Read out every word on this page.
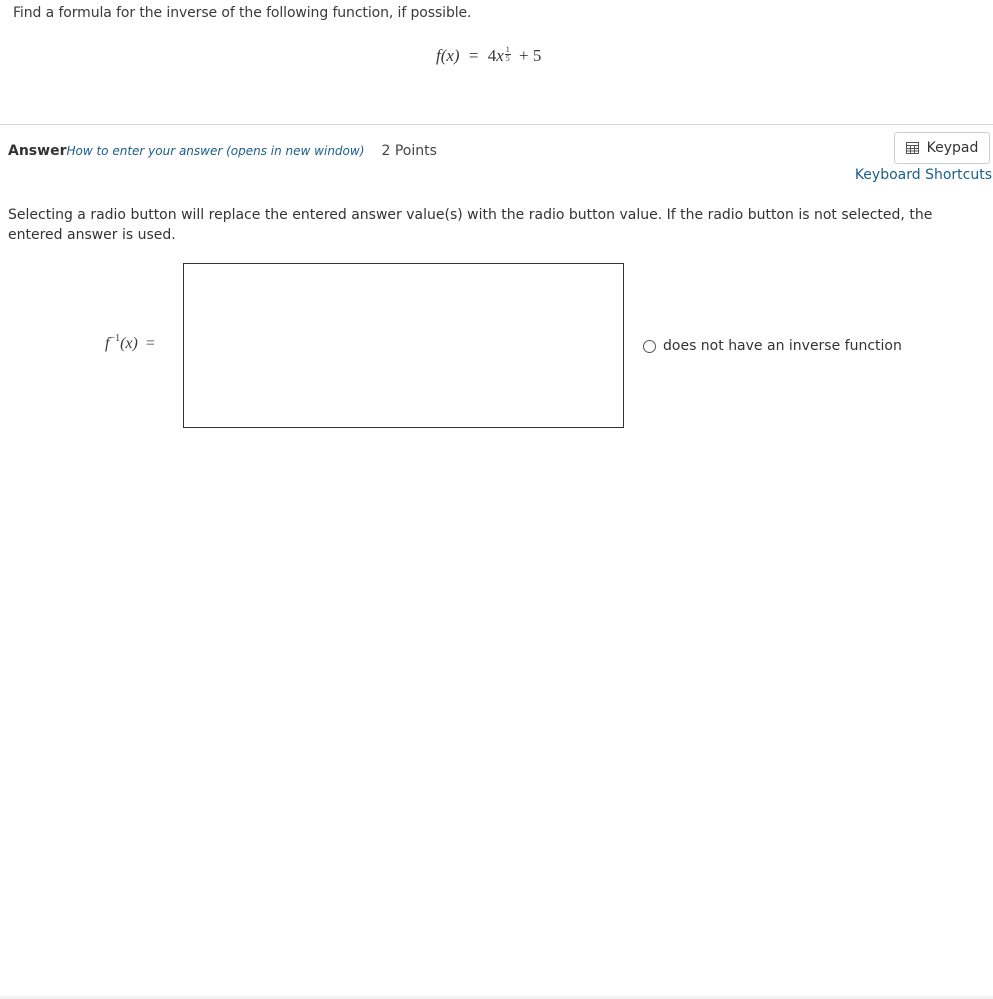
Find a formula for the inverse of the following function, if possible.
$f(x) = 4x \frac{1}{5} + 5$
AnswerHow to enter your answer (opens in new window) 2 Points	Keypad
Keyboard Shortcuts
Selecting a radio button will replace the entered answer value(s) with the radio button value. If the radio button is not selected, the entered answer is used.
$f^{-1}(x)$ =	does not have an inverse function
